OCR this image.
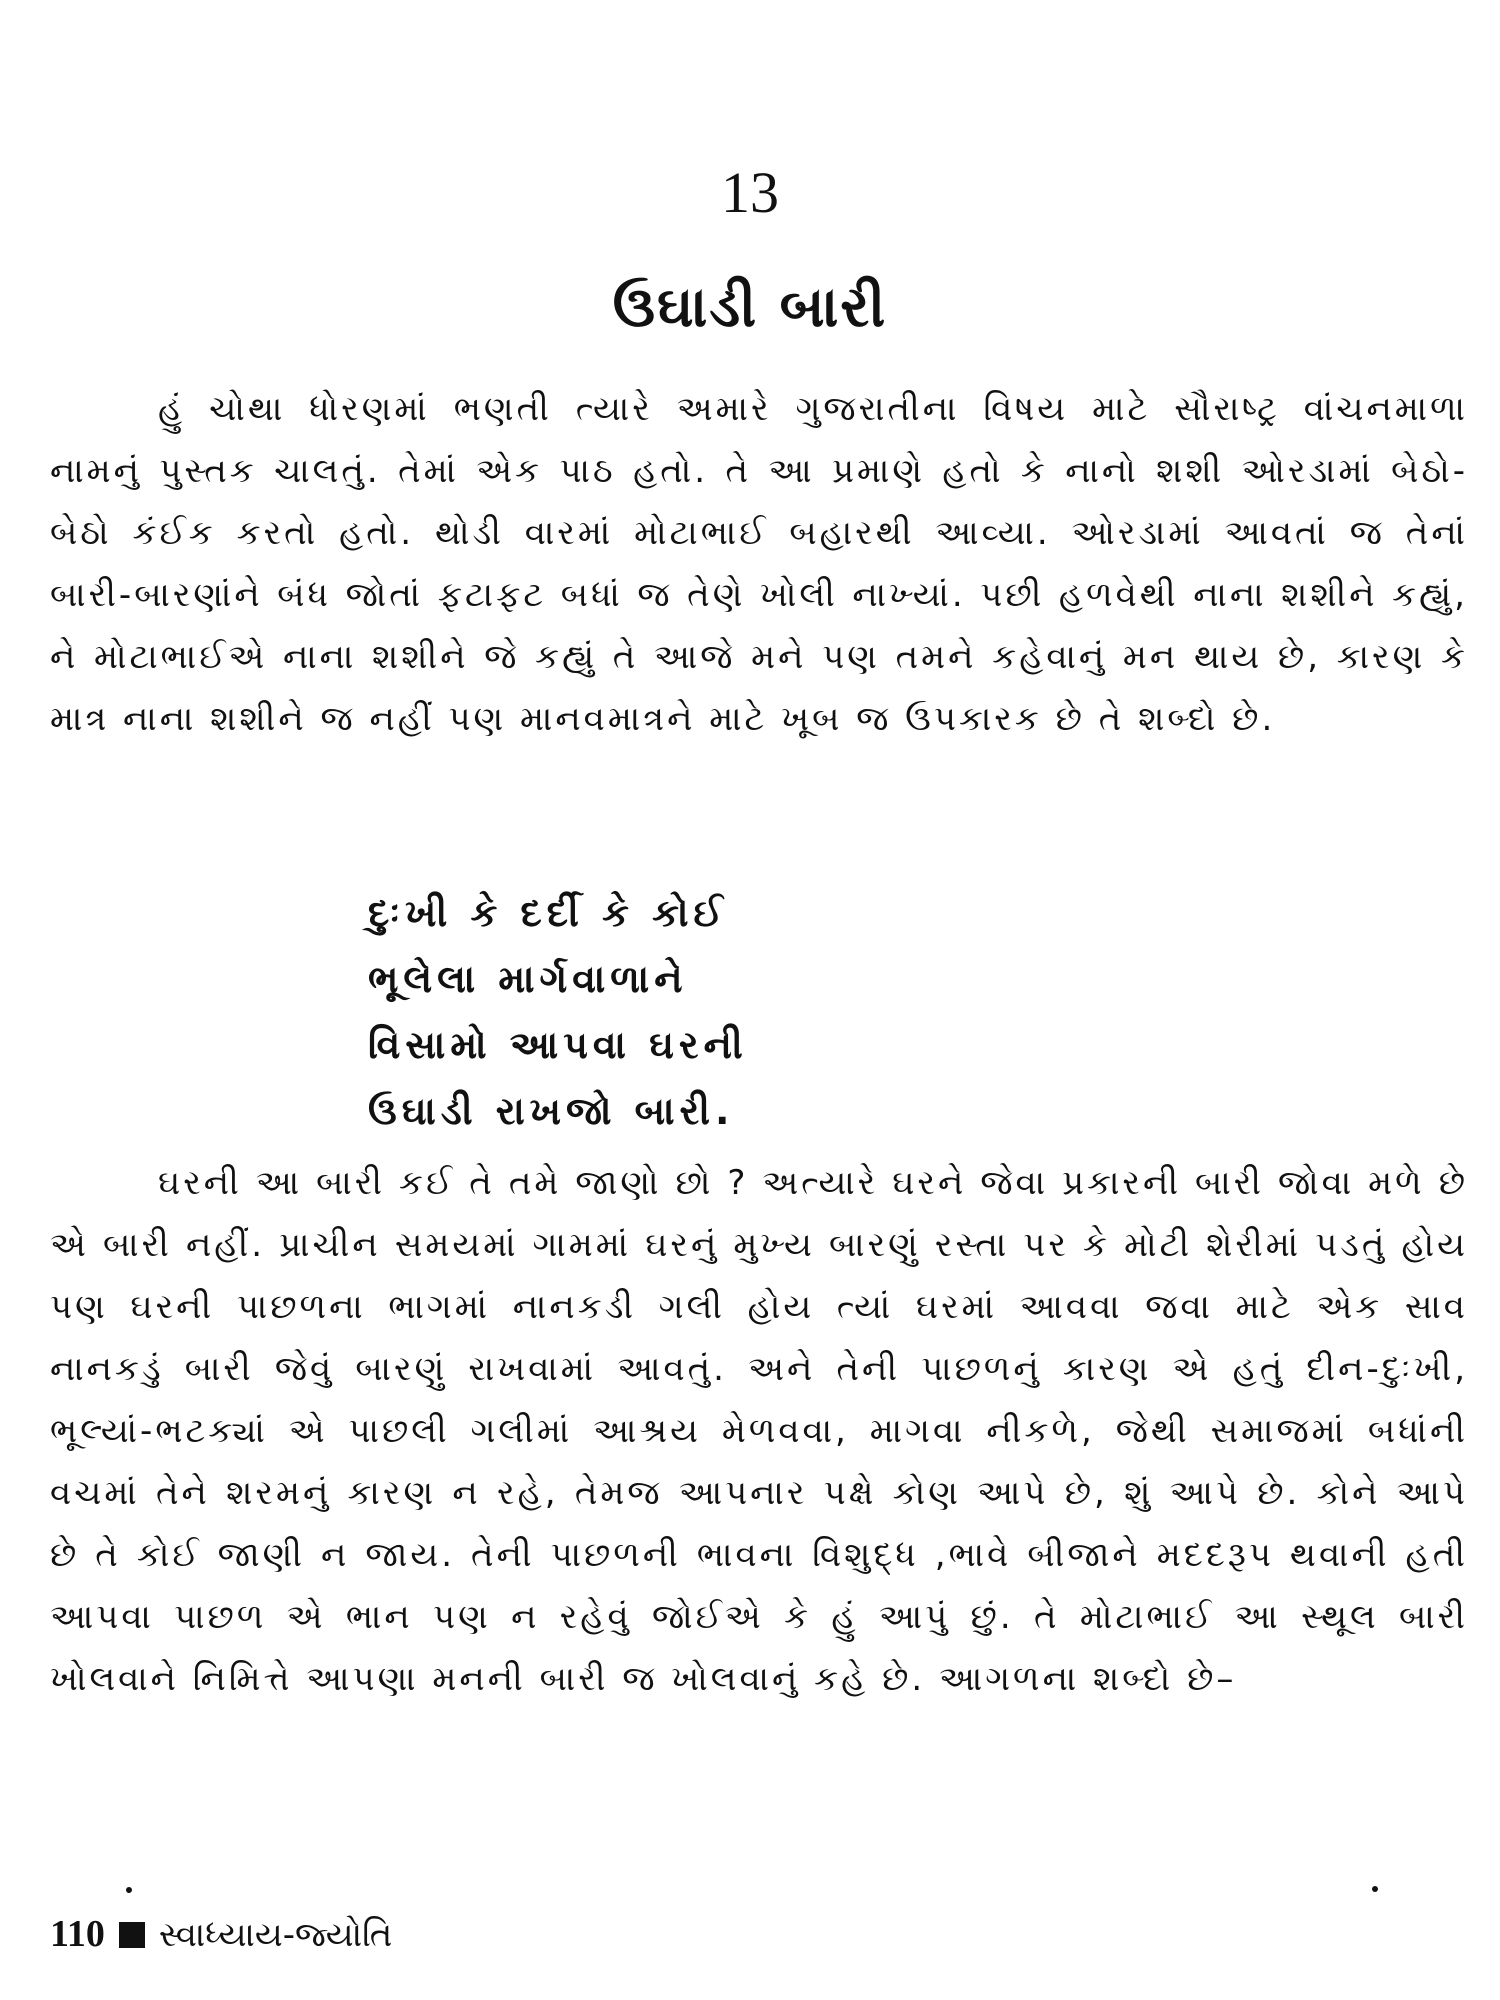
13
ઉઘાડી બારી

હું ચોથા ધોરણમાં ભણતી ત્યારે અમારે ગુજરાતીના વિષય માટે સૌરાષ્ટ્ર વાંચનમાળા નામનું પુસ્તક ચાલતું. તેમાં એક પાઠ હતો. તે આ પ્રમાણે હતો કે નાનો શશી ઓરડામાં બેઠો-બેઠો કંઈક કરતો હતો. થોડી વારમાં મોટાભાઈ બહારથી આવ્યા. ઓરડામાં આવતાં જ તેનાં બારી-બારણાંને બંધ જોતાં ફટાફટ બધાં જ તેણે ખોલી નાખ્યાં. પછી હળવેથી નાના શશીને કહ્યું, ને મોટાભાઈએ નાના શશીને જે કહ્યું તે આજે મને પણ તમને કહેવાનું મન થાય છે, કારણ કે માત્ર નાના શશીને જ નહીં પણ માનવમાત્રને માટે ખૂબ જ ઉપકારક છે તે શબ્દો છે.

દુઃખી કે દર્દી કે કોઈ
ભૂલેલા માર્ગવાળાને
વિસામો આપવા ઘરની
ઉઘાડી રાખજો બારી.

ઘરની આ બારી કઈ તે તમે જાણો છો ? અત્યારે ઘરને જેવા પ્રકારની બારી જોવા મળે છે એ બારી નહીં. પ્રાચીન સમયમાં ગામમાં ઘરનું મુખ્ય બારણું રસ્તા પર કે મોટી શેરીમાં પડતું હોય પણ ઘરની પાછળના ભાગમાં નાનકડી ગલી હોય ત્યાં ઘરમાં આવવા જવા માટે એક સાવ નાનકડું બારી જેવું બારણું રાખવામાં આવતું. અને તેની પાછળનું કારણ એ હતું દીન-દુઃખી, ભૂલ્યાં-ભટક્યાં એ પાછલી ગલીમાં આશ્રય મેળવવા, માગવા નીકળે, જેથી સમાજમાં બધાંની વચમાં તેને શરમનું કારણ ન રહે, તેમજ આપનાર પક્ષે કોણ આપે છે, શું આપે છે. કોને આપે છે તે કોઈ જાણી ન જાય. તેની પાછળની ભાવના વિશુદ્ધ ,ભાવે બીજાને મદદરૂપ થવાની હતી આપવા પાછળ એ ભાન પણ ન રહેવું જોઈએ કે હું આપું છું. તે મોટાભાઈ આ સ્થૂલ બારી ખોલવાને નિમિત્તે આપણા મનની બારી જ ખોલવાનું કહે છે. આગળના શબ્દો છે–

110 સ્વાધ્યાય-જ્યોતિ
